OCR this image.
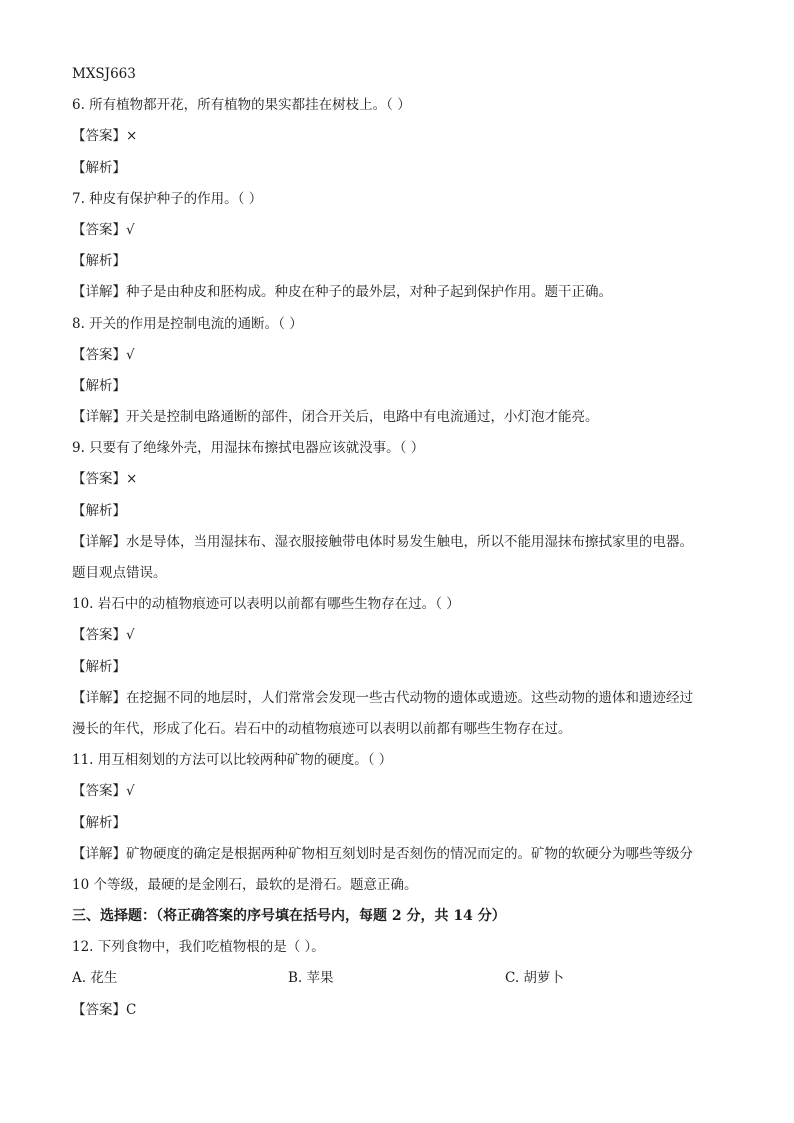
MXSJ663
6. 所有植物都开花，所有植物的果实都挂在树枝上。（ ）
【答案】×
【解析】
7. 种皮有保护种子的作用。（ ）
【答案】√
【解析】
【详解】种子是由种皮和胚构成。种皮在种子的最外层，对种子起到保护作用。题干正确。
8. 开关的作用是控制电流的通断。（ ）
【答案】√
【解析】
【详解】开关是控制电路通断的部件，闭合开关后，电路中有电流通过，小灯泡才能亮。
9. 只要有了绝缘外壳，用湿抹布擦拭电器应该就没事。（ ）
【答案】×
【解析】
【详解】水是导体，当用湿抹布、湿衣服接触带电体时易发生触电，所以不能用湿抹布擦拭家里的电器。
题目观点错误。
10. 岩石中的动植物痕迹可以表明以前都有哪些生物存在过。（ ）
【答案】√
【解析】
【详解】在挖掘不同的地层时，人们常常会发现一些古代动物的遗体或遗迹。这些动物的遗体和遗迹经过
漫长的年代，形成了化石。岩石中的动植物痕迹可以表明以前都有哪些生物存在过。
11. 用互相刻划的方法可以比较两种矿物的硬度。（ ）
【答案】√
【解析】
【详解】矿物硬度的确定是根据两种矿物相互刻划时是否刻伤的情况而定的。矿物的软硬分为哪些等级分
10 个等级，最硬的是金刚石，最软的是滑石。题意正确。
三、选择题：（将正确答案的序号填在括号内，每题 2 分，共 14 分）
12. 下列食物中，我们吃植物根的是（ ）。
A. 花生	B. 苹果	C. 胡萝卜
【答案】C
